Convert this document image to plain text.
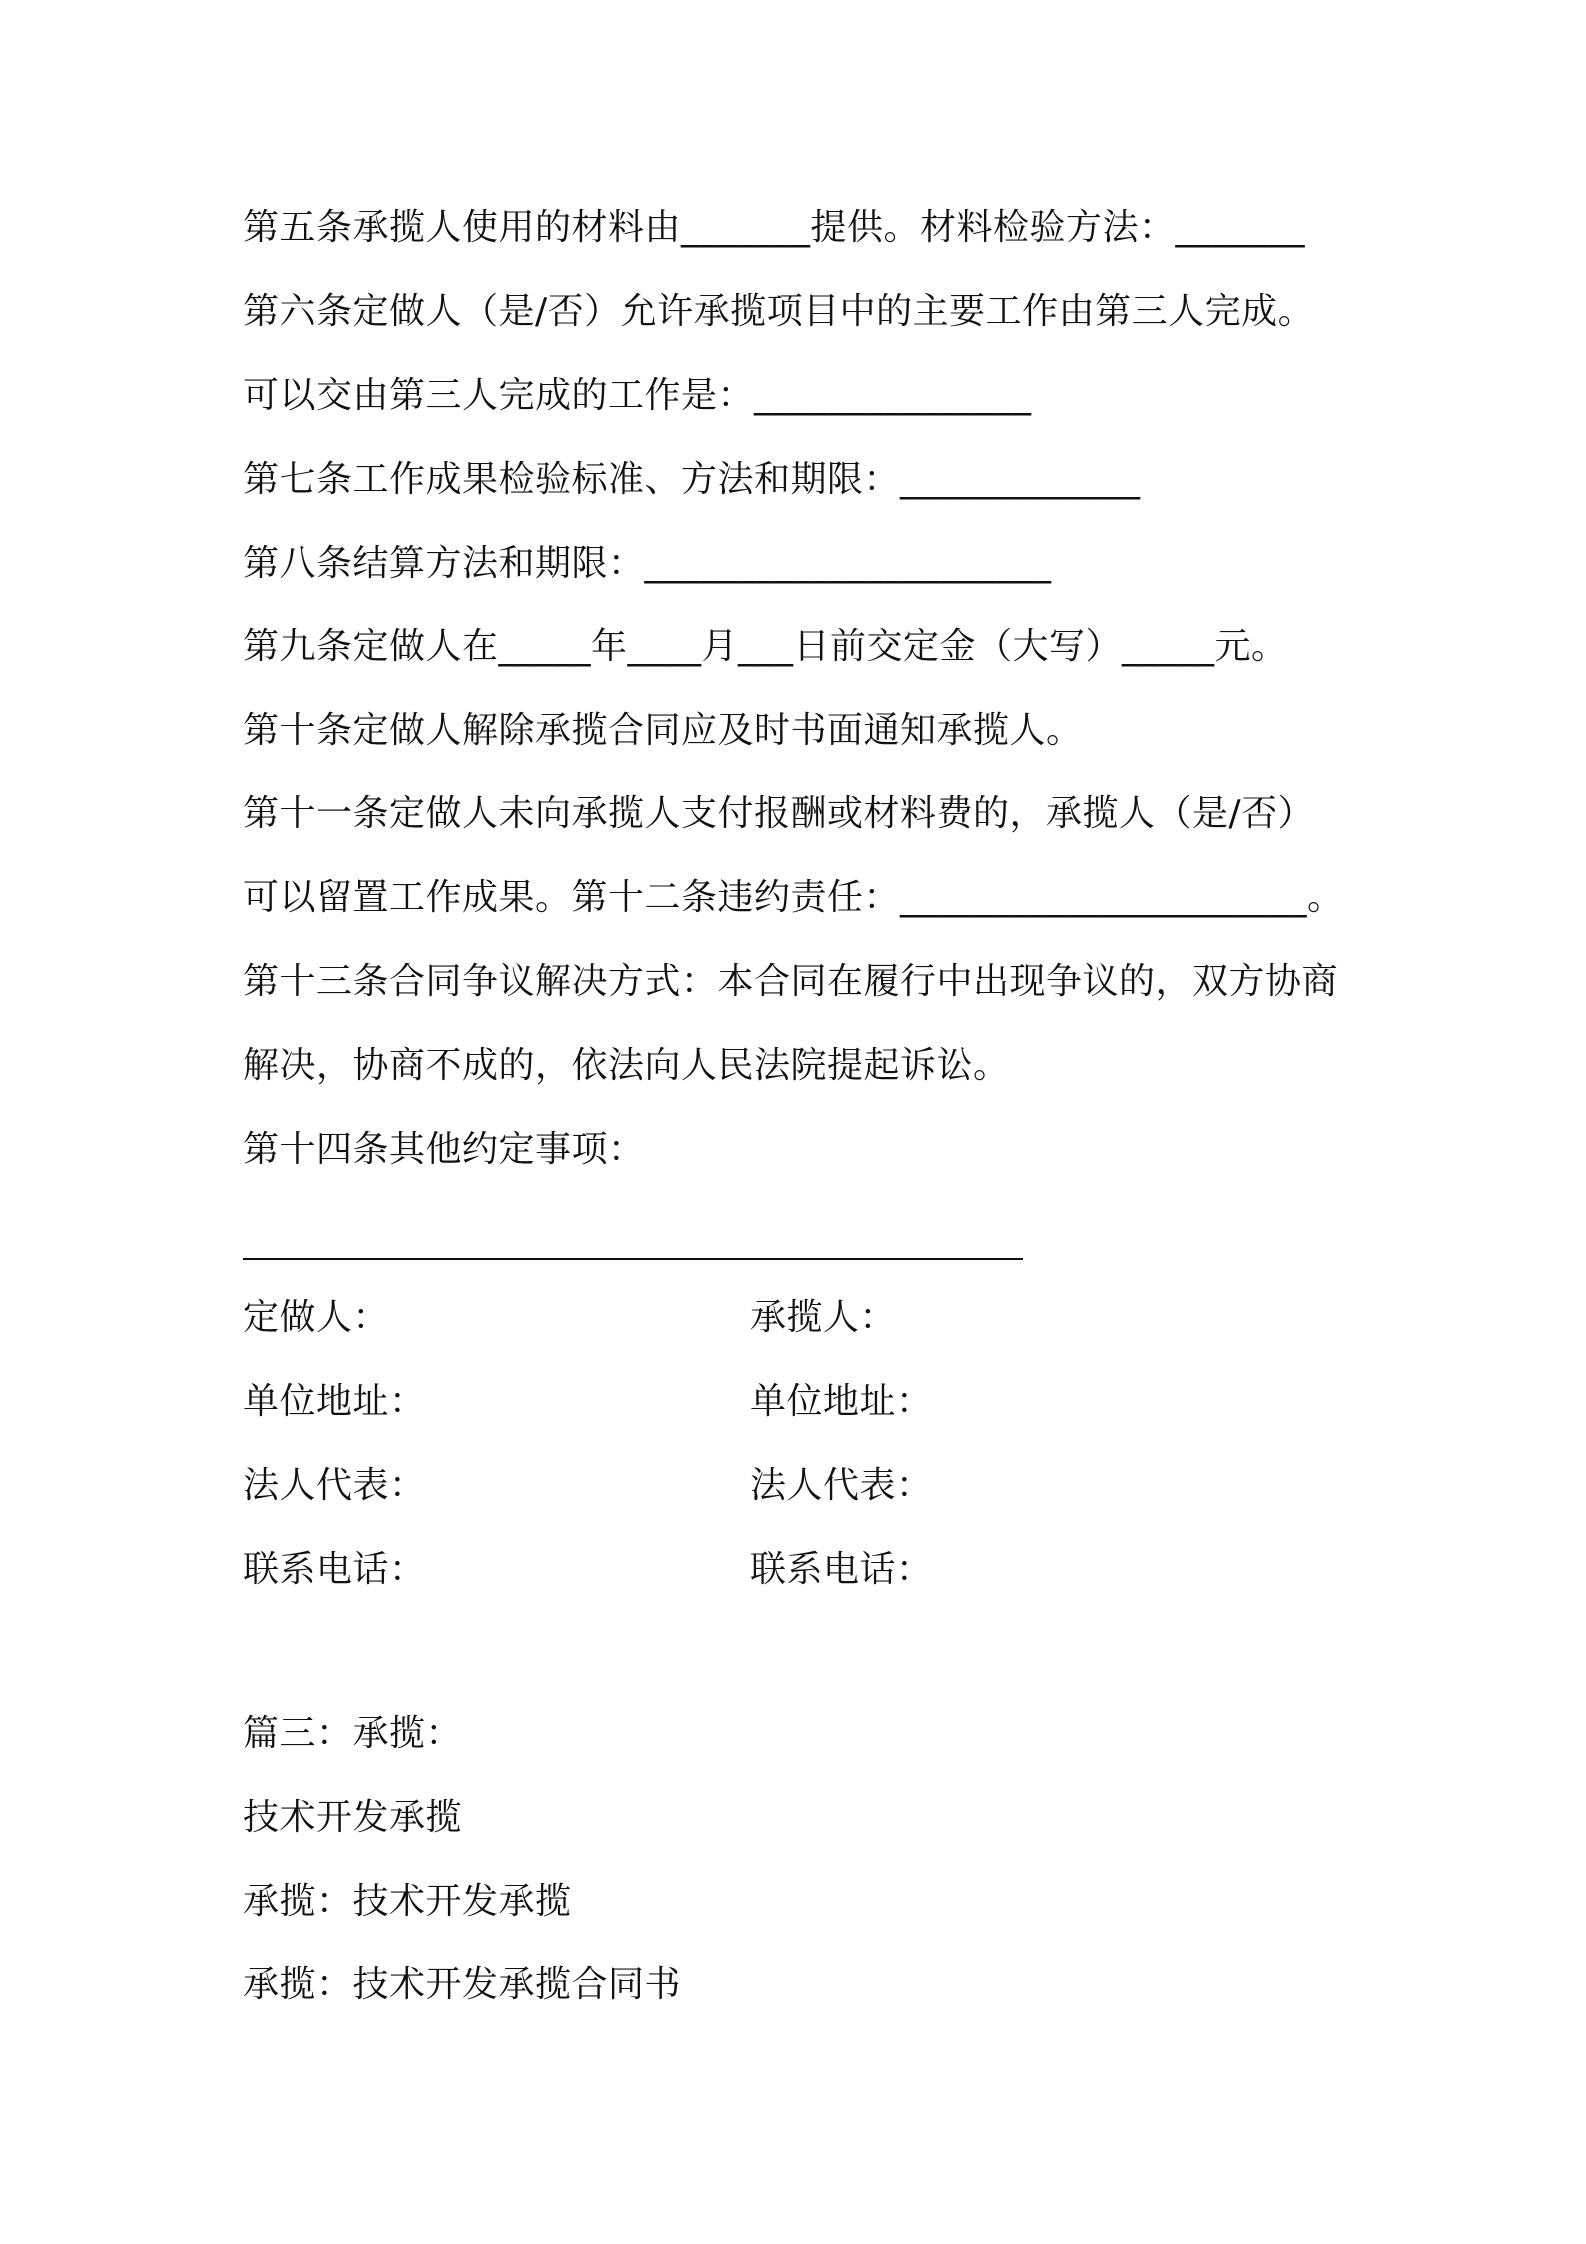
第五条承揽人使用的材料由_______提供。材料检验方法：_______
第六条定做人（是/否）允许承揽项目中的主要工作由第三人完成。
可以交由第三人完成的工作是：_______________
第七条工作成果检验标准、方法和期限：_____________
第八条结算方法和期限：______________________
第九条定做人在_____年____月___日前交定金（大写）_____元。
第十条定做人解除承揽合同应及时书面通知承揽人。
第十一条定做人未向承揽人支付报酬或材料费的，承揽人（是/否）
可以留置工作成果。第十二条违约责任：______________________。
第十三条合同争议解决方式：本合同在履行中出现争议的，双方协商
解决，协商不成的，依法向人民法院提起诉讼。
第十四条其他约定事项：
定做人：	承揽人：
单位地址：	单位地址：
法人代表：	法人代表：
联系电话：	联系电话：
篇三：承揽：
技术开发承揽
承揽：技术开发承揽
承揽：技术开发承揽合同书
